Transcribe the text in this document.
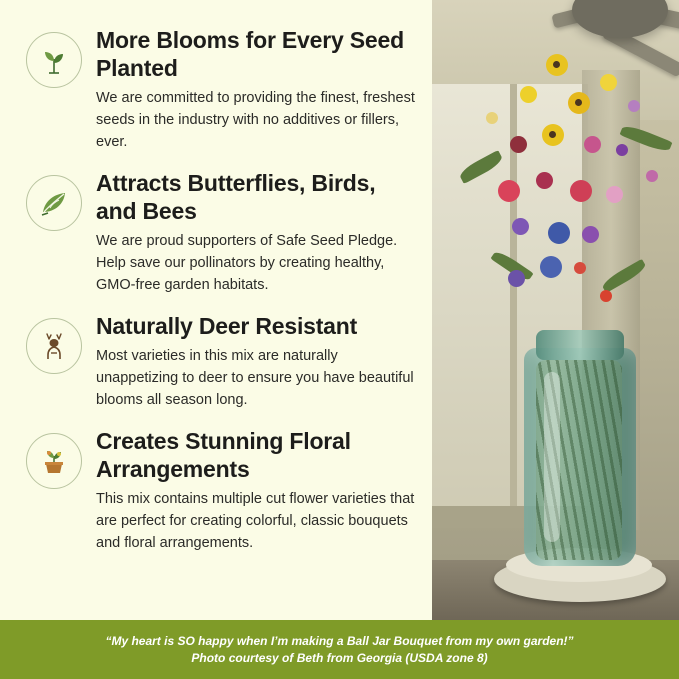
More Blooms for Every Seed Planted
We are committed to providing the finest, freshest seeds in the industry with no additives or fillers, ever.
Attracts Butterflies, Birds, and Bees
We are proud supporters of Safe Seed Pledge. Help save our pollinators by creating healthy, GMO-free garden habitats.
Naturally Deer Resistant
Most varieties in this mix are naturally unappetizing to deer to ensure you have beautiful blooms all season long.
Creates Stunning Floral Arrangements
This mix contains multiple cut flower varieties that are perfect for creating colorful, classic bouquets and floral arrangements.
“My heart is SO happy when I’m making a Ball Jar Bouquet from my own garden!”
Photo courtesy of Beth from Georgia (USDA zone 8)
